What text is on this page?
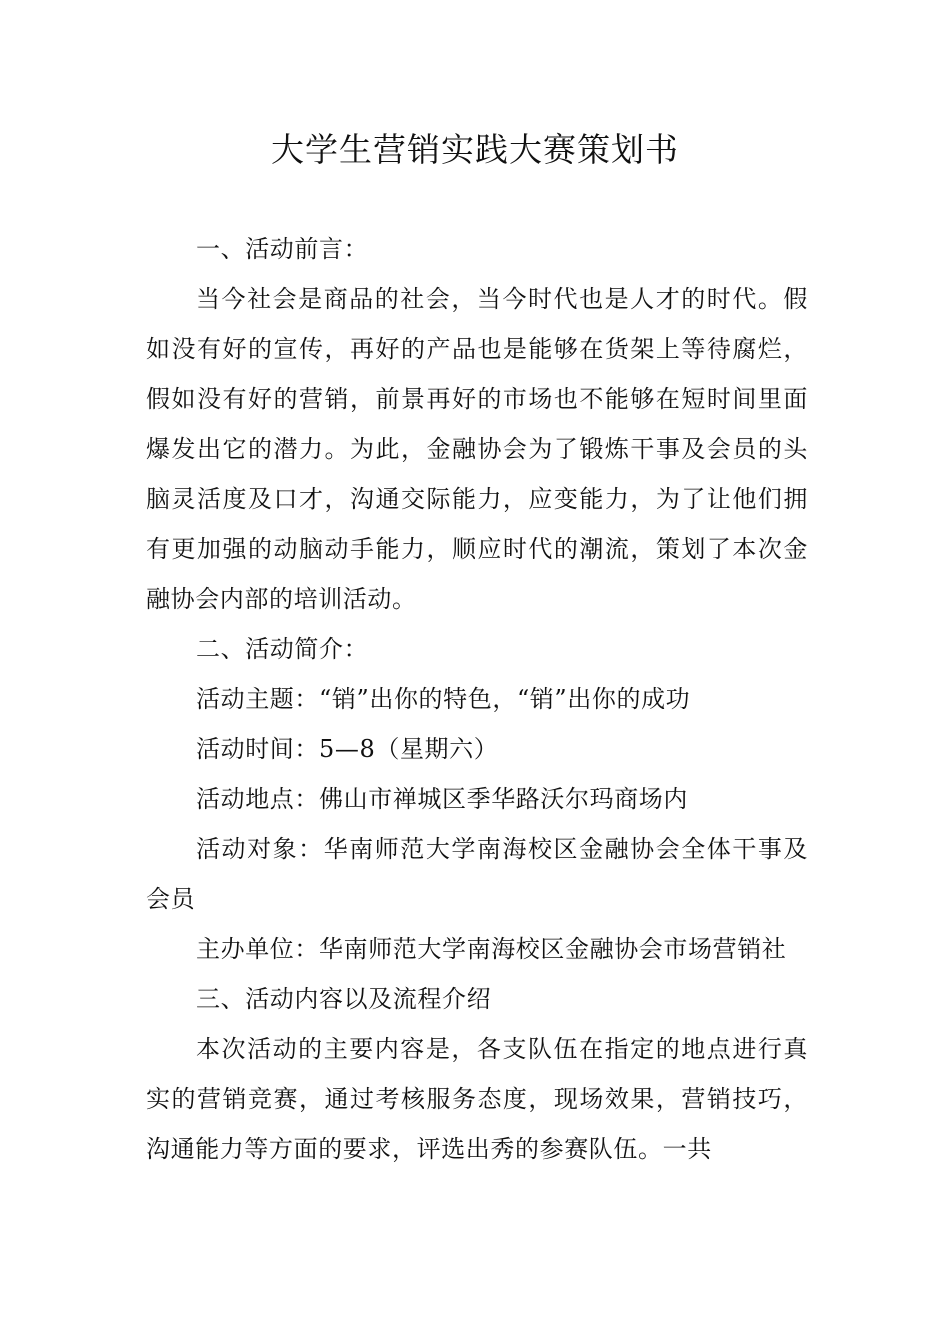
大学生营销实践大赛策划书

一、活动前言：

当今社会是商品的社会，当今时代也是人才的时代。假如没有好的宣传，再好的产品也是能够在货架上等待腐烂，假如没有好的营销，前景再好的市场也不能够在短时间里面爆发出它的潜力。为此，金融协会为了锻炼干事及会员的头脑灵活度及口才，沟通交际能力，应变能力，为了让他们拥有更加强的动脑动手能力，顺应时代的潮流，策划了本次金融协会内部的培训活动。

二、活动简介：

活动主题：“销”出你的特色，“销”出你的成功

活动时间：5—8（星期六）

活动地点：佛山市禅城区季华路沃尔玛商场内

活动对象：华南师范大学南海校区金融协会全体干事及会员

主办单位：华南师范大学南海校区金融协会市场营销社

三、活动内容以及流程介绍

本次活动的主要内容是，各支队伍在指定的地点进行真实的营销竞赛，通过考核服务态度，现场效果，营销技巧，沟通能力等方面的要求，评选出秀的参赛队伍。一共
